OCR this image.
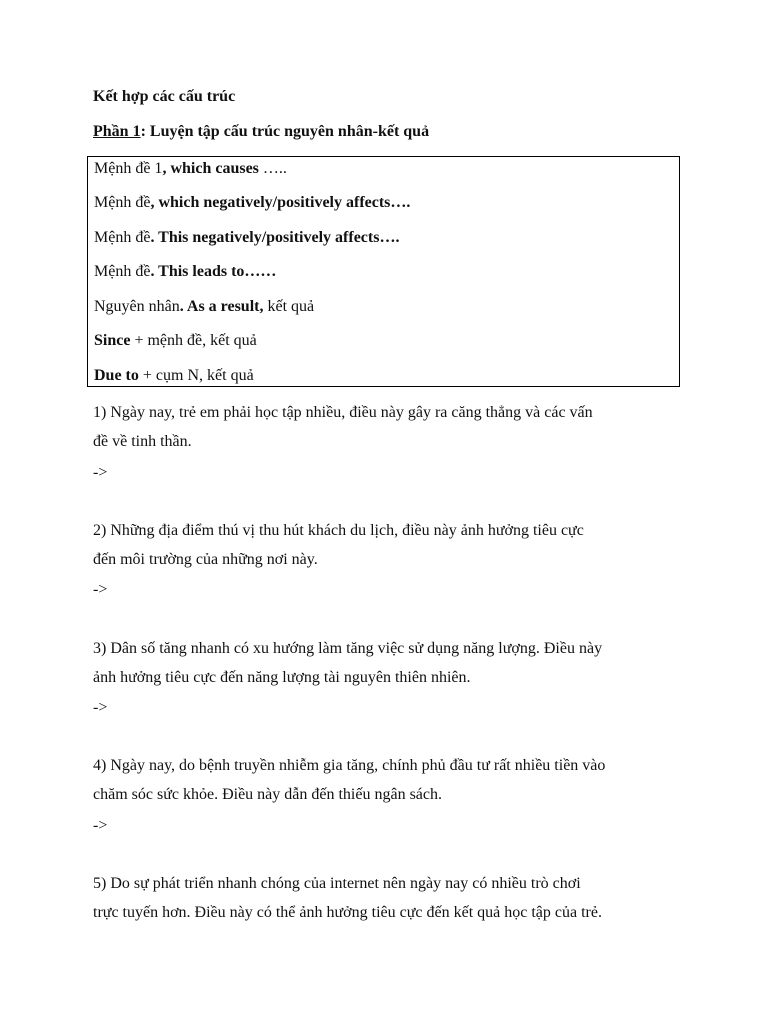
Kết hợp các cấu trúc
Phần 1: Luyện tập cấu trúc nguyên nhân-kết quả
Mệnh đề 1, which causes …..
Mệnh đề, which negatively/positively affects….
Mệnh đề. This negatively/positively affects….
Mệnh đề. This leads to……
Nguyên nhân. As a result, kết quả
Since + mệnh đề, kết quả
Due to + cụm N, kết quả
1) Ngày nay, trẻ em phải học tập nhiều, điều này gây ra căng thẳng và các vấn
đề về tinh thần.
->
2) Những địa điểm thú vị thu hút khách du lịch, điều này ảnh hưởng tiêu cực
đến môi trường của những nơi này.
->
3) Dân số tăng nhanh có xu hướng làm tăng việc sử dụng năng lượng. Điều này
ảnh hưởng tiêu cực đến năng lượng tài nguyên thiên nhiên.
->
4) Ngày nay, do bệnh truyền nhiễm gia tăng, chính phủ đầu tư rất nhiều tiền vào
chăm sóc sức khỏe. Điều này dẫn đến thiếu ngân sách.
->
5) Do sự phát triển nhanh chóng của internet nên ngày nay có nhiều trò chơi
trực tuyến hơn. Điều này có thể ảnh hưởng tiêu cực đến kết quả học tập của trẻ.
